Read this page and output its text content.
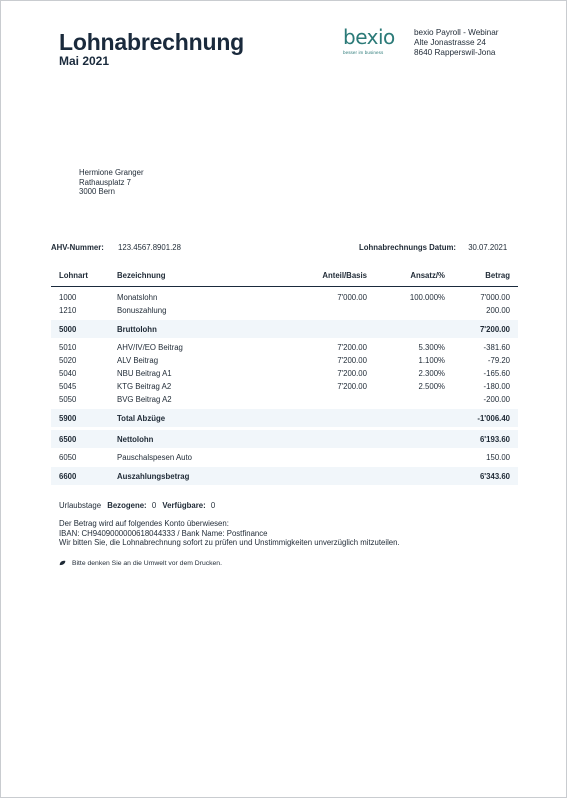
Lohnabrechnung
Mai 2021
bexio
besser im business
bexio Payroll - Webinar
Alte Jonastrasse 24
8640 Rapperswil-Jona
Hermione Granger
Rathausplatz 7
3000 Bern
AHV-Nummer: 123.4567.8901.28	Lohnabrechnungs Datum: 30.07.2021
Lohnart	Bezeichnung	Anteil/Basis	Ansatz/%	Betrag

1000	Monatslohn	7'000.00	100.000%	7'000.00
1210	Bonuszahlung			200.00

5000	Bruttolohn			7'200.00

5010	AHV/IV/EO Beitrag	7'200.00	5.300%	-381.60
5020	ALV Beitrag	7'200.00	1.100%	-79.20
5040	NBU Beitrag A1	7'200.00	2.300%	-165.60
5045	KTG Beitrag A2	7'200.00	2.500%	-180.00
5050	BVG Beitrag A2			-200.00

5900	Total Abzüge			-1'006.40

6500	Nettolohn			6'193.60

6050	Pauschalspesen Auto			150.00

6600	Auszahlungsbetrag			6'343.60
Urlaubstage Bezogene: 0 Verfügbare: 0
Der Betrag wird auf folgendes Konto überwiesen:
IBAN: CH9409000000618044333 / Bank Name: Postfinance
Wir bitten Sie, die Lohnabrechnung sofort zu prüfen und Unstimmigkeiten unverzüglich mitzuteilen.
Bitte denken Sie an die Umwelt vor dem Drucken.
